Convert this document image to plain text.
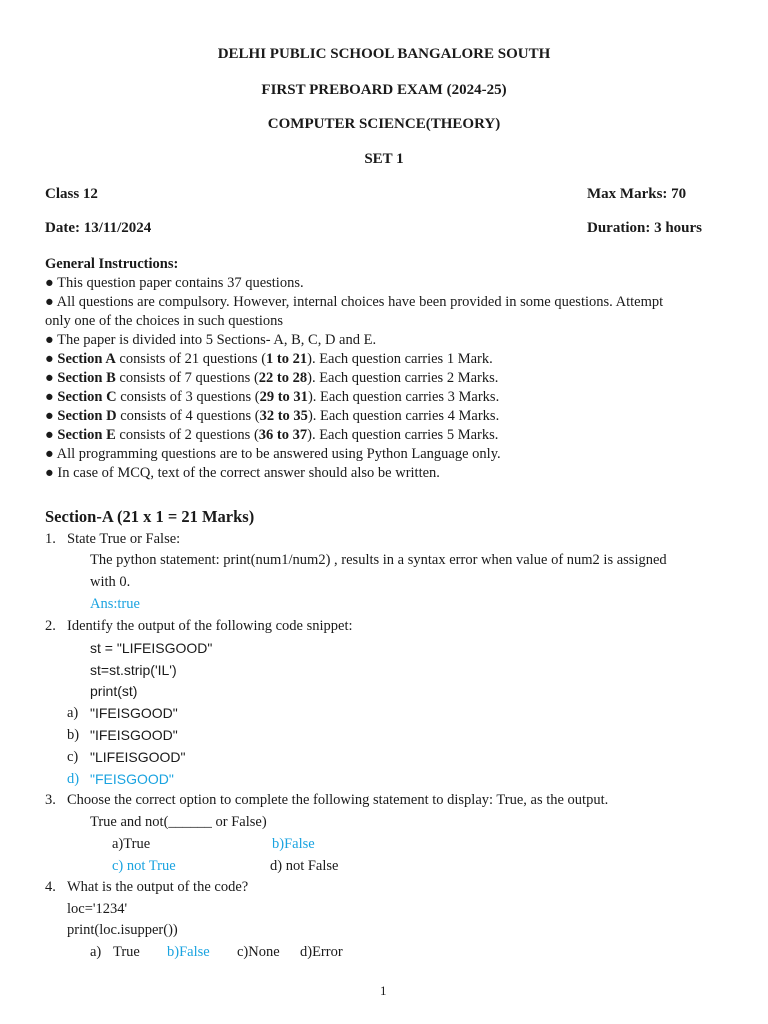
DELHI PUBLIC SCHOOL BANGALORE SOUTH
FIRST PREBOARD EXAM (2024-25)
COMPUTER SCIENCE(THEORY)
SET 1
Class 12	Max Marks: 70
Date: 13/11/2024	Duration: 3 hours
General Instructions:
● This question paper contains 37 questions.
● All questions are compulsory. However, internal choices have been provided in some questions. Attempt
only one of the choices in such questions
● The paper is divided into 5 Sections- A, B, C, D and E.
● Section A consists of 21 questions (1 to 21). Each question carries 1 Mark.
● Section B consists of 7 questions (22 to 28). Each question carries 2 Marks.
● Section C consists of 3 questions (29 to 31). Each question carries 3 Marks.
● Section D consists of 4 questions (32 to 35). Each question carries 4 Marks.
● Section E consists of 2 questions (36 to 37). Each question carries 5 Marks.
● All programming questions are to be answered using Python Language only.
● In case of MCQ, text of the correct answer should also be written.
Section-A (21 x 1 = 21 Marks)
1. State True or False:
The python statement: print(num1/num2) , results in a syntax error when value of num2 is assigned
with 0.
Ans:true
2. Identify the output of the following code snippet:
st = "LIFEISGOOD"
st=st.strip('IL')
print(st)
a) "IFEISGOOD"
b) "IFEISGOOD"
c) "LIFEISGOOD"
d) "FEISGOOD"
3. Choose the correct option to complete the following statement to display: True, as the output.
True and not(______ or False)
a)True	b)False
c) not True	d) not False
4. What is the output of the code?
loc='1234'
print(loc.isupper())
a) True b)False c)None d)Error
1
